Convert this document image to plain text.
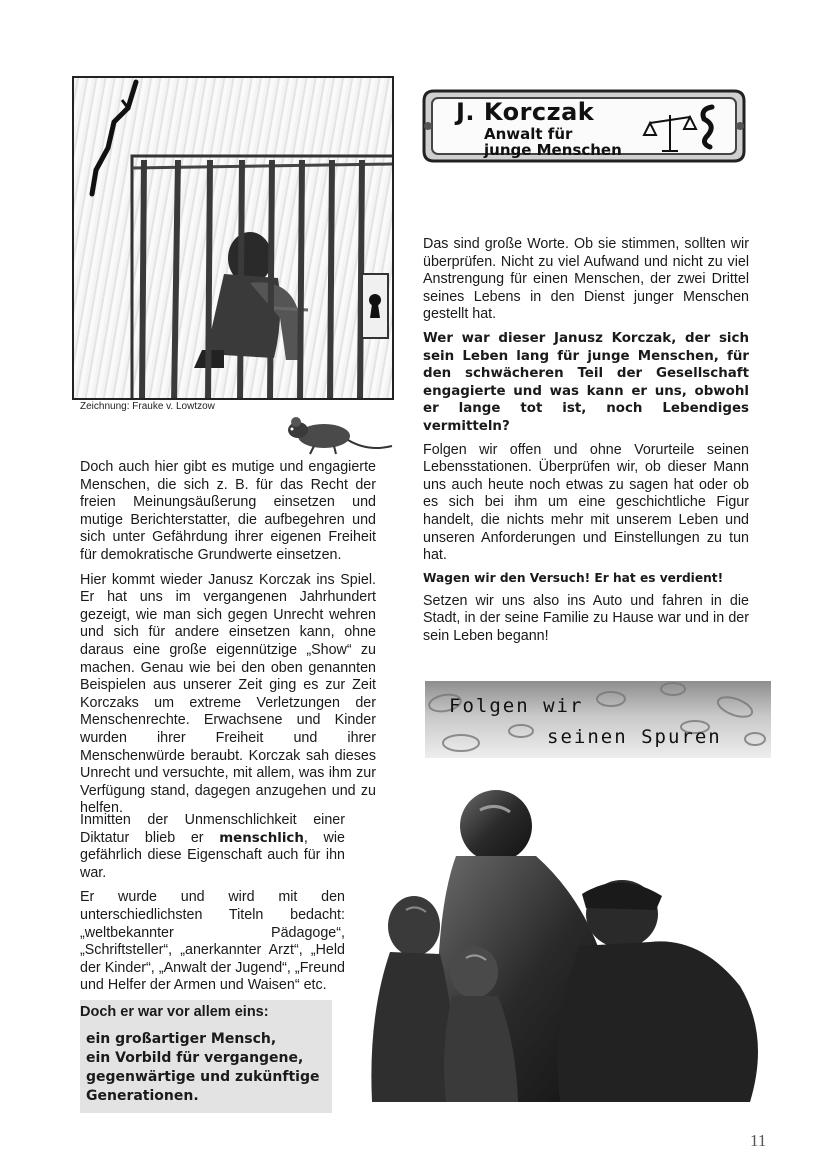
Zeichnung: Frauke v. Lowtzow
J. Korczak
Anwalt für
junge Menschen

Das sind große Worte. Ob sie stimmen, sollten wir überprüfen. Nicht zu viel Aufwand und nicht zu viel Anstrengung für einen Menschen, der zwei Drittel seines Lebens in den Dienst junger Menschen gestellt hat.

Wer war dieser Janusz Korczak, der sich sein Leben lang für junge Menschen, für den schwächeren Teil der Gesellschaft engagierte und was kann er uns, obwohl er lange tot ist, noch Lebendiges vermitteln?

Folgen wir offen und ohne Vorurteile seinen Lebensstationen. Überprüfen wir, ob dieser Mann uns auch heute noch etwas zu sagen hat oder ob es sich bei ihm um eine geschichtliche Figur handelt, die nichts mehr mit unserem Leben und unseren Anforderungen und Einstellungen zu tun hat.

Wagen wir den Versuch! Er hat es verdient!

Setzen wir uns also ins Auto und fahren in die Stadt, in der seine Familie zu Hause war und in der sein Leben begann!

Doch auch hier gibt es mutige und engagierte Menschen, die sich z. B. für das Recht der freien Meinungsäußerung einsetzen und mutige Berichterstatter, die aufbegehren und sich unter Gefährdung ihrer eigenen Freiheit für demokratische Grundwerte einsetzen.

Hier kommt wieder Janusz Korczak ins Spiel. Er hat uns im vergangenen Jahrhundert gezeigt, wie man sich gegen Unrecht wehren und sich für andere einsetzen kann, ohne daraus eine große eigennützige „Show“ zu machen. Genau wie bei den oben genannten Beispielen aus unserer Zeit ging es zur Zeit Korczaks um extreme Verletzungen der Menschenrechte. Erwachsene und Kinder wurden ihrer Freiheit und ihrer Menschenwürde beraubt. Korczak sah dieses Unrecht und versuchte, mit allem, was ihm zur Verfügung stand, dagegen anzugehen und zu helfen.

Inmitten der Unmenschlichkeit einer Diktatur blieb er menschlich, wie gefährlich diese Eigenschaft auch für ihn war.

Er wurde und wird mit den unterschiedlichsten Titeln bedacht: „weltbekannter Pädagoge“, „Schriftsteller“, „anerkannter Arzt“, „Held der Kinder“, „Anwalt der Jugend“, „Freund und Helfer der Armen und Waisen“ etc.

Doch er war vor allem eins:
ein großartiger Mensch,
ein Vorbild für vergangene,
gegenwärtige und zukünftige
Generationen.
Folgen wir
seinen Spuren
11
